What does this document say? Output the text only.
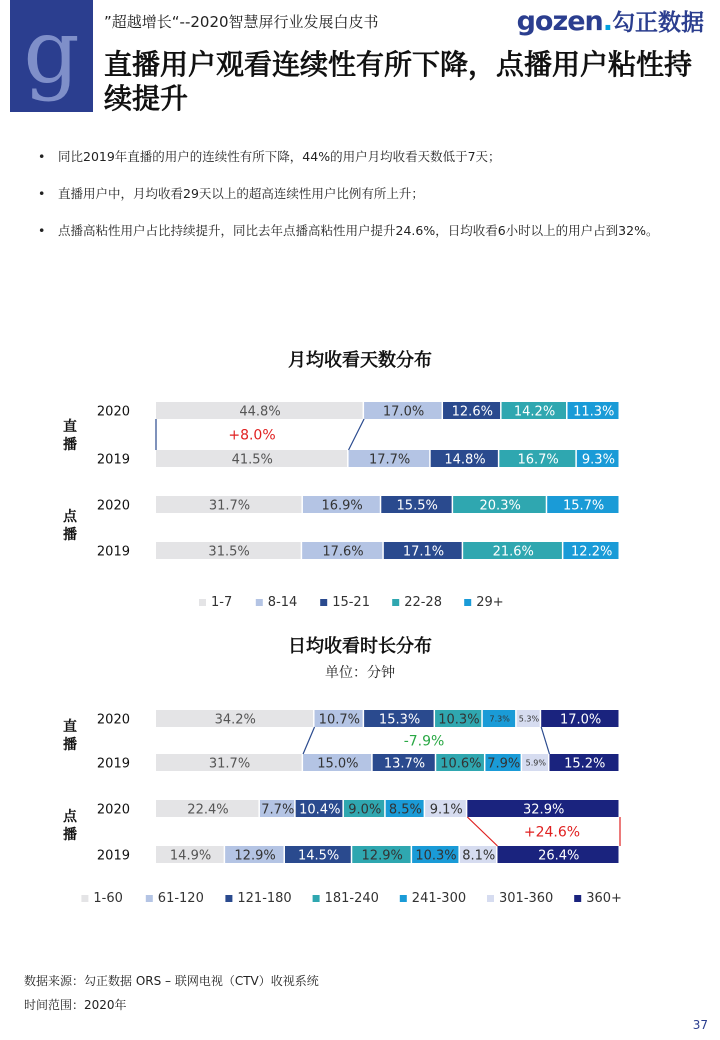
g	”超越增长“--2020智慧屏行业发展白皮书	gozen.勾正数据
直播用户观看连续性有所下降，点播用户粘性持续提升
• 同比2019年直播的用户的连续性有所下降，44%的用户月均收看天数低于7天；
• 直播用户中，月均收看29天以上的超高连续性用户比例有所上升；
• 点播高粘性用户占比持续提升，同比去年点播高粘性用户提升24.6%，日均收看6小时以上的用户占到32%。
月均收看天数分布
2020	44.8%	17.0% 12.6% 14.2% 11.3%
2019	41.5%	17.7%	14.8% 16.7% 9.3%
2020	31.7%	16.9%	15.5%	20.3%	15.7%
2019	31.5%	17.6%	17.1%	21.6%	12.2%
直
播
点
播
+8.0%
1-7	8-14	15-21	22-28	29+
日均收看时长分布
单位：分钟
2020	34.2%	10.7% 15.3% 10.3% 7.3% 5.3% 17.0%
2019	31.7%	15.0% 13.7% 10.6% 7.9% 5.9% 15.2%
2020	22.4%	7.7% 10.4% 9.0% 8.5% 9.1%	32.9%
2019	14.9% 12.9% 14.5% 12.9% 10.3% 8.1%	26.4%
直
播
点
播
-7.9%
+24.6%
1-60	61-120	121-180	181-240	241-300	301-360	360+
数据来源：勾正数据 ORS – 联网电视（CTV）收视系统
时间范围：2020年
37
